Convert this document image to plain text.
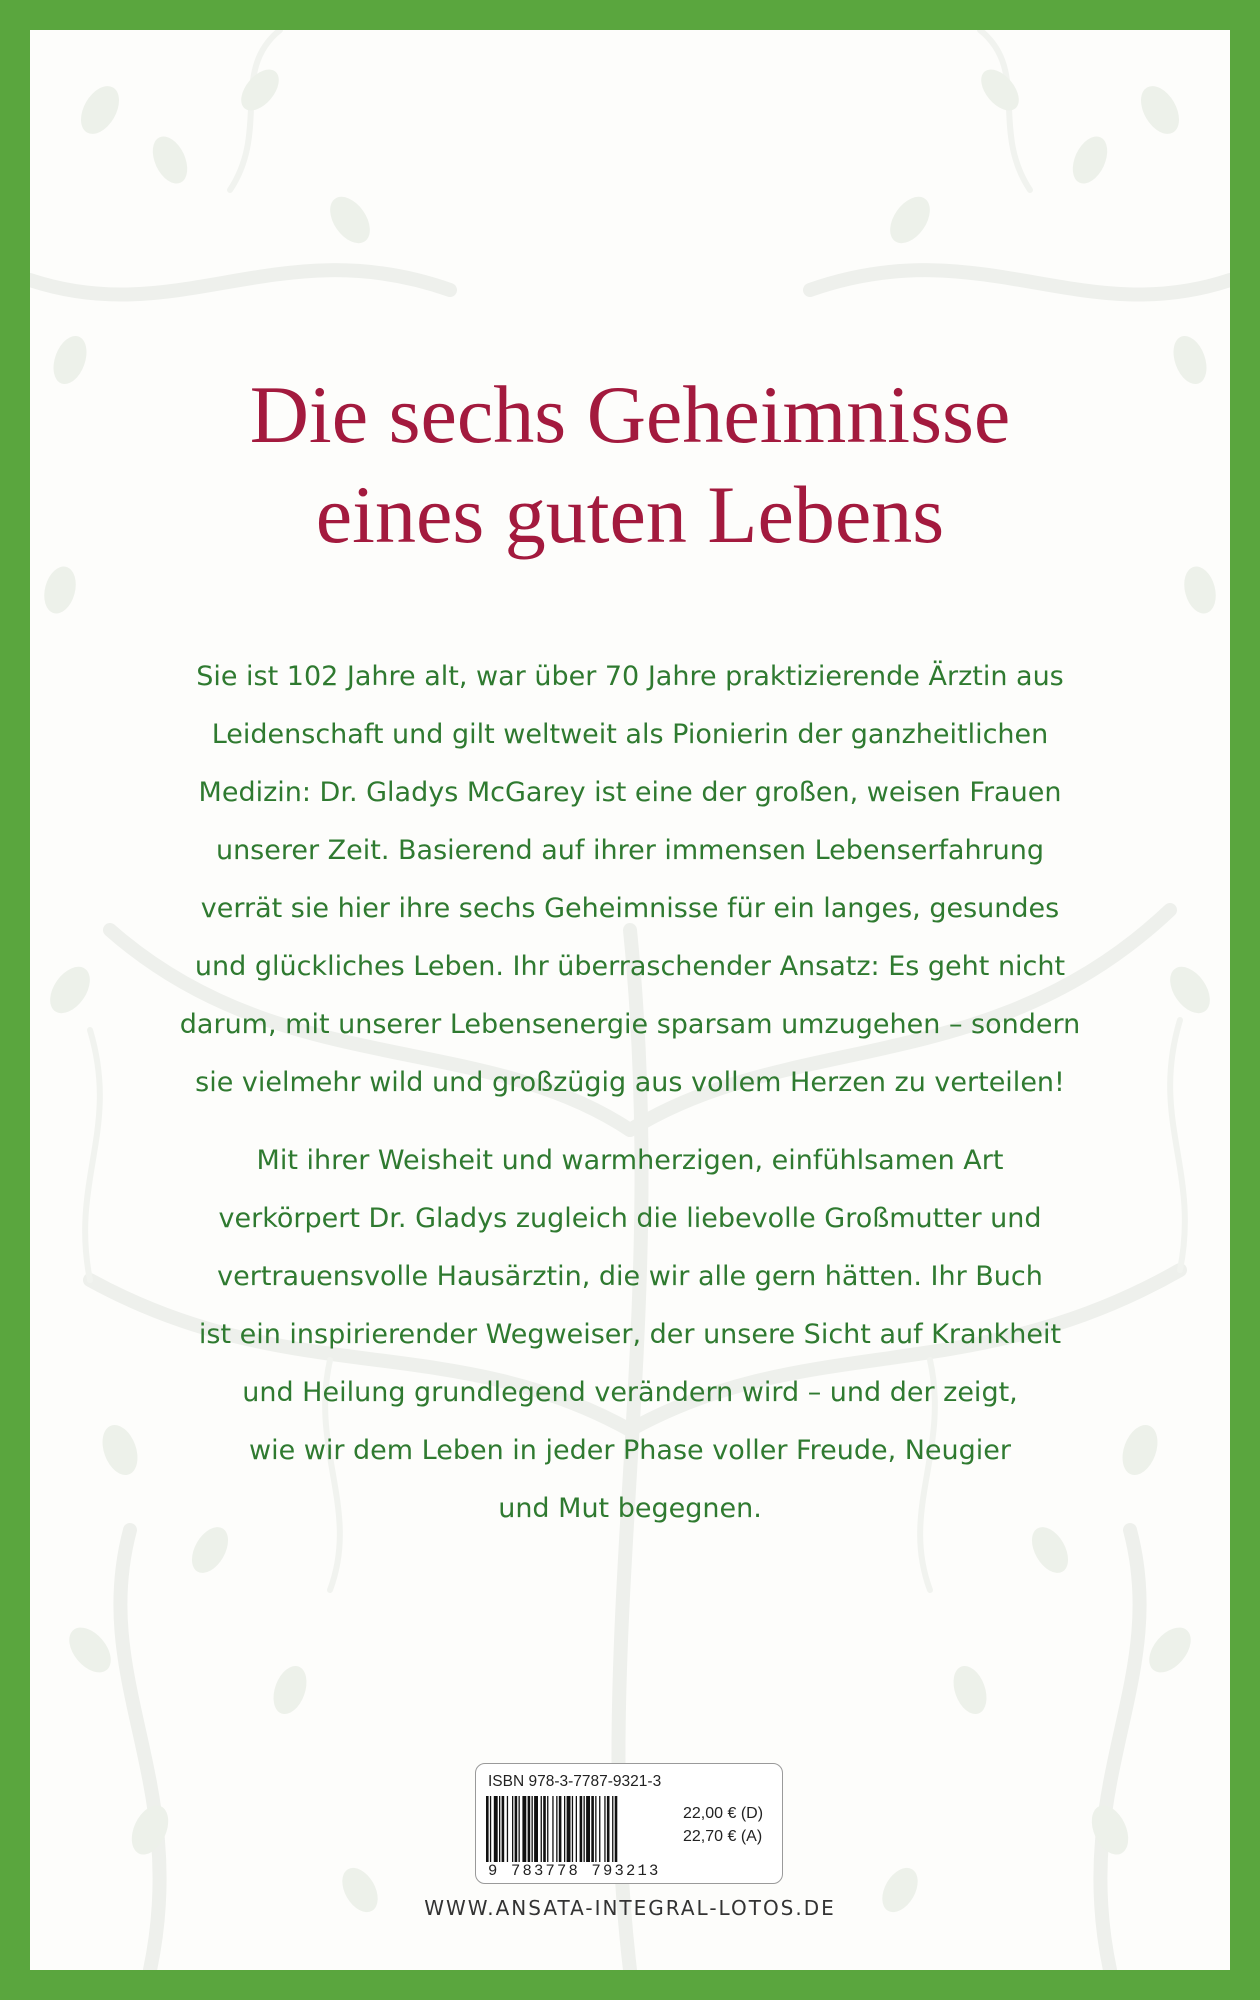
Die sechs Geheimnisse
eines guten Lebens

Sie ist 102 Jahre alt, war über 70 Jahre praktizierende Ärztin aus
Leidenschaft und gilt weltweit als Pionierin der ganzheitlichen
Medizin: Dr. Gladys McGarey ist eine der großen, weisen Frauen
unserer Zeit. Basierend auf ihrer immensen Lebenserfahrung
verrät sie hier ihre sechs Geheimnisse für ein langes, gesundes
und glückliches Leben. Ihr überraschender Ansatz: Es geht nicht
darum, mit unserer Lebensenergie sparsam umzugehen – sondern
sie vielmehr wild und großzügig aus vollem Herzen zu verteilen!

Mit ihrer Weisheit und warmherzigen, einfühlsamen Art
verkörpert Dr. Gladys zugleich die liebevolle Großmutter und
vertrauensvolle Hausärztin, die wir alle gern hätten. Ihr Buch
ist ein inspirierender Wegweiser, der unsere Sicht auf Krankheit
und Heilung grundlegend verändern wird – und der zeigt,
wie wir dem Leben in jeder Phase voller Freude, Neugier
und Mut begegnen.

ISBN 978-3-7787-9321-3
9 783778 793213
22,00 € (D)
22,70 € (A)
WWW.ANSATA-INTEGRAL-LOTOS.DE
